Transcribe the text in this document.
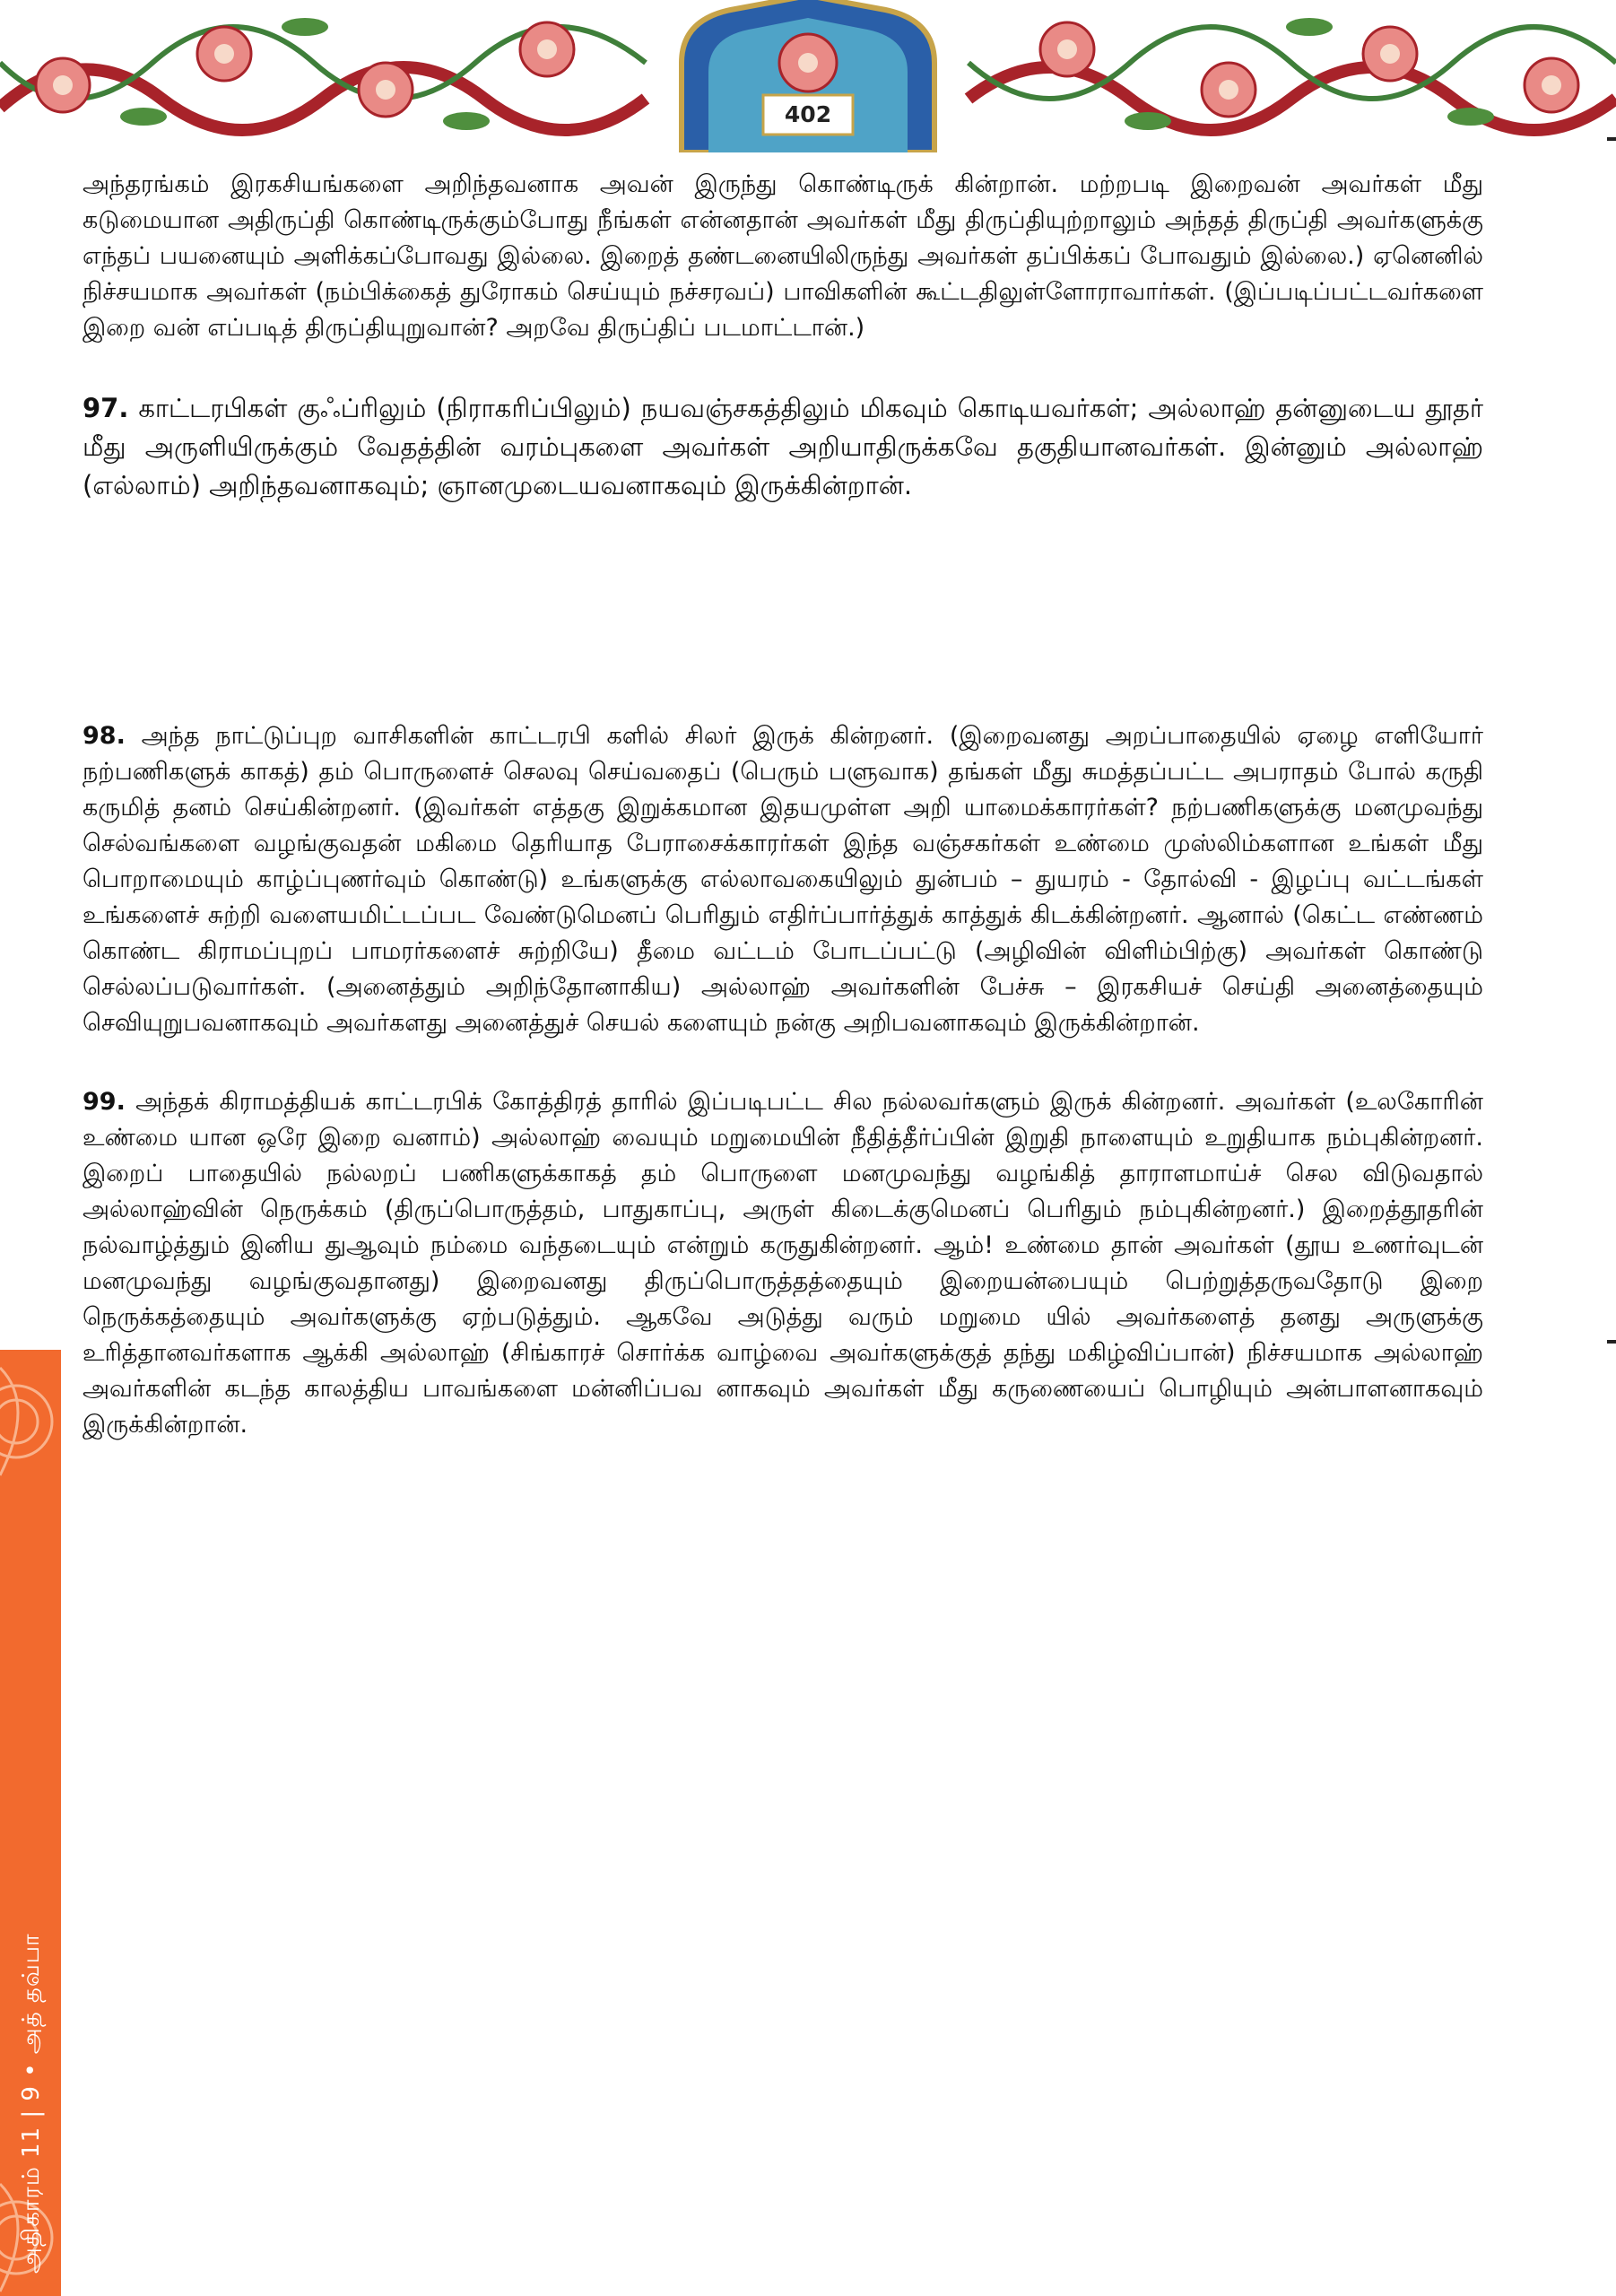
402
அதிகாரம் 11 | 9 • அத் தவ்பா

அந்தரங்கம் இரகசியங்களை அறிந்தவனாக அவன் இருந்து கொண்டிருக் கின்றான். மற்றபடி இறைவன் அவர்கள் மீது கடுமையான அதிருப்தி கொண்டிருக்கும்போது நீங்கள் என்னதான் அவர்கள் மீது திருப்தியுற்றாலும் அந்தத் திருப்தி அவர்களுக்கு எந்தப் பயனையும் அளிக்கப்போவது இல்லை. இறைத் தண்டனையிலிருந்து அவர்கள் தப்பிக்கப் போவதும் இல்லை.) ஏனெனில் நிச்சயமாக அவர்கள் (நம்பிக்கைத் துரோகம் செய்யும் நச்சரவப்) பாவிகளின் கூட்டதிலுள்ளோராவார்கள். (இப்படிப்பட்டவர்களை இறை வன் எப்படித் திருப்தியுறுவான்? அறவே திருப்திப் படமாட்டான்.)

97. காட்டரபிகள் குஃப்ரிலும் (நிராகரிப்பிலும்) நயவஞ்சகத்திலும் மிகவும் கொடியவர்கள்; அல்லாஹ் தன்னுடைய தூதர் மீது அருளியிருக்கும் வேதத்தின் வரம்புகளை அவர்கள் அறியாதிருக்கவே தகுதியானவர்கள். இன்னும் அல்லாஹ் (எல்லாம்) அறிந்தவனாகவும்; ஞானமுடையவனாகவும் இருக்கின்றான்.

98. அந்த நாட்டுப்புற வாசிகளின் காட்டரபி களில் சிலர் இருக் கின்றனர். (இறைவனது அறப்பாதையில் ஏழை எளியோர் நற்பணிகளுக் காகத்) தம் பொருளைச் செலவு செய்வதைப் (பெரும் பளுவாக) தங்கள் மீது சுமத்தப்பட்ட அபராதம் போல் கருதி கருமித் தனம் செய்கின்றனர். (இவர்கள் எத்தகு இறுக்கமான இதயமுள்ள அறி யாமைக்காரர்கள்? நற்பணிகளுக்கு மனமுவந்து செல்வங்களை வழங்குவதன் மகிமை தெரியாத பேராசைக்காரர்கள் இந்த வஞ்சகர்கள் உண்மை முஸ்லிம்களான உங்கள் மீது பொறாமையும் காழ்ப்புணர்வும் கொண்டு) உங்களுக்கு எல்லாவகையிலும் துன்பம் – துயரம் - தோல்வி - இழப்பு வட்டங்கள் உங்களைச் சுற்றி வளையமிட்டப்பட வேண்டுமெனப் பெரிதும் எதிர்ப்பார்த்துக் காத்துக் கிடக்கின்றனர். ஆனால் (கெட்ட எண்ணம் கொண்ட கிராமப்புறப் பாமரர்களைச் சுற்றியே) தீமை வட்டம் போடப்பட்டு (அழிவின் விளிம்பிற்கு) அவர்கள் கொண்டு செல்லப்படுவார்கள். (அனைத்தும் அறிந்தோனாகிய) அல்லாஹ் அவர்களின் பேச்சு – இரகசியச் செய்தி அனைத்தையும் செவியுறுபவனாகவும் அவர்களது அனைத்துச் செயல் களையும் நன்கு அறிபவனாகவும் இருக்கின்றான்.

99. அந்தக் கிராமத்தியக் காட்டரபிக் கோத்திரத் தாரில் இப்படிபட்ட சில நல்லவர்களும் இருக் கின்றனர். அவர்கள் (உலகோரின் உண்மை யான ஒரே இறை வனாம்) அல்லாஹ் வையும் மறுமையின் நீதித்தீர்ப்பின் இறுதி நாளையும் உறுதியாக நம்புகின்றனர். இறைப் பாதையில் நல்லறப் பணிகளுக்காகத் தம் பொருளை மனமுவந்து வழங்கித் தாராளமாய்ச் செல விடுவதால் அல்லாஹ்வின் நெருக்கம் (திருப்பொருத்தம், பாதுகாப்பு, அருள் கிடைக்குமெனப் பெரிதும் நம்புகின்றனர்.) இறைத்தூதரின் நல்வாழ்த்தும் இனிய துஆவும் நம்மை வந்தடையும் என்றும் கருதுகின்றனர். ஆம்! உண்மை தான் அவர்கள் (தூய உணர்வுடன் மனமுவந்து வழங்குவதானது) இறைவனது திருப்பொருத்தத்தையும் இறையன்பையும் பெற்றுத்தருவதோடு இறை நெருக்கத்தையும் அவர்களுக்கு ஏற்படுத்தும். ஆகவே அடுத்து வரும் மறுமை யில் அவர்களைத் தனது அருளுக்கு உரித்தானவர்களாக ஆக்கி அல்லாஹ் (சிங்காரச் சொர்க்க வாழ்வை அவர்களுக்குத் தந்து மகிழ்விப்பான்) நிச்சயமாக அல்லாஹ் அவர்களின் கடந்த காலத்திய பாவங்களை மன்னிப்பவ னாகவும் அவர்கள் மீது கருணையைப் பொழியும் அன்பாளனாகவும் இருக்கின்றான்.
